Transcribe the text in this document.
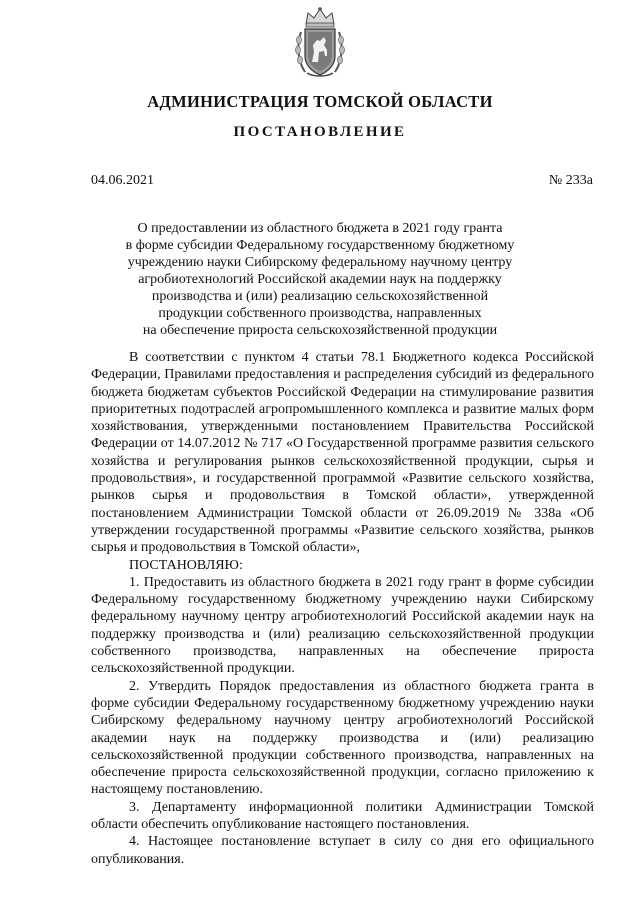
АДМИНИСТРАЦИЯ ТОМСКОЙ ОБЛАСТИ
ПОСТАНОВЛЕНИЕ
04.06.2021	№ 233а
О предоставлении из областного бюджета в 2021 году гранта
в форме субсидии Федеральному государственному бюджетному
учреждению науки Сибирскому федеральному научному центру
агробиотехнологий Российской академии наук на поддержку
производства и (или) реализацию сельскохозяйственной
продукции собственного производства, направленных
на обеспечение прироста сельскохозяйственной продукции

В соответствии с пунктом 4 статьи 78.1 Бюджетного кодекса Российской Федерации, Правилами предоставления и распределения субсидий из федерального бюджета бюджетам субъектов Российской Федерации на стимулирование развития приоритетных подотраслей агропромышленного комплекса и развитие малых форм хозяйствования, утвержденными постановлением Правительства Российской Федерации от 14.07.2012 № 717 «О Государственной программе развития сельского хозяйства и регулирования рынков сельскохозяйственной продукции, сырья и продовольствия», и государственной программой «Развитие сельского хозяйства, рынков сырья и продовольствия в Томской области», утвержденной постановлением Администрации Томской области от 26.09.2019 № 338а «Об утверждении государственной программы «Развитие сельского хозяйства, рынков сырья и продовольствия в Томской области»,

ПОСТАНОВЛЯЮ:

1. Предоставить из областного бюджета в 2021 году грант в форме субсидии Федеральному государственному бюджетному учреждению науки Сибирскому федеральному научному центру агробиотехнологий Российской академии наук на поддержку производства и (или) реализацию сельскохозяйственной продукции собственного производства, направленных на обеспечение прироста сельскохозяйственной продукции.

2. Утвердить Порядок предоставления из областного бюджета гранта в форме субсидии Федеральному государственному бюджетному учреждению науки Сибирскому федеральному научному центру агробиотехнологий Российской академии наук на поддержку производства и (или) реализацию сельскохозяйственной продукции собственного производства, направленных на обеспечение прироста сельскохозяйственной продукции, согласно приложению к настоящему постановлению.

3. Департаменту информационной политики Администрации Томской области обеспечить опубликование настоящего постановления.

4. Настоящее постановление вступает в силу со дня его официального опубликования.
